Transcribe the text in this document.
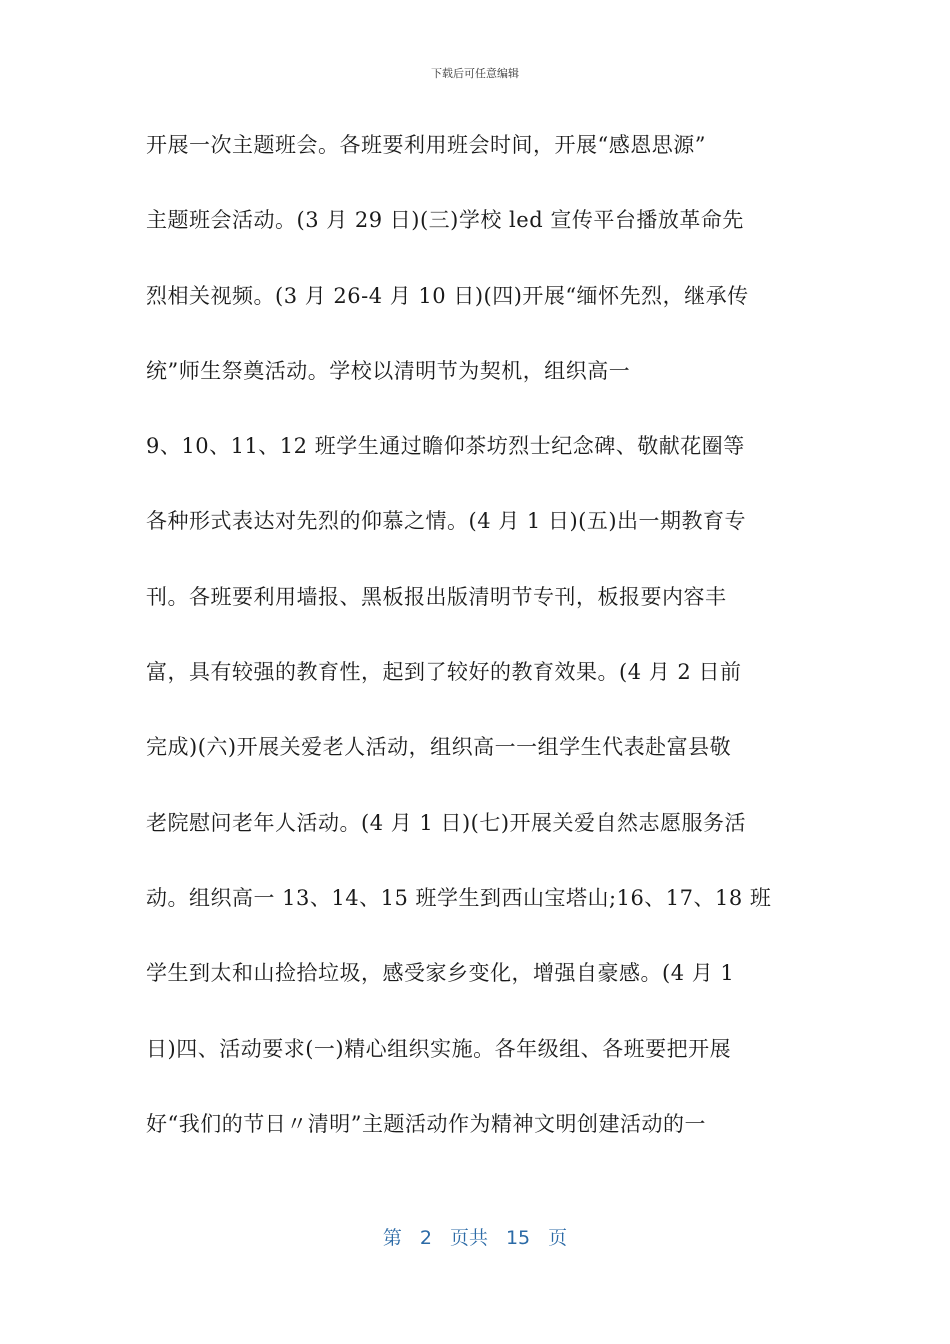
下载后可任意编辑
开展一次主题班会。各班要利用班会时间，开展“感恩思源”
主题班会活动。(3 月 29 日)(三)学校 led 宣传平台播放革命先
烈相关视频。(3 月 26-4 月 10 日)(四)开展“缅怀先烈，继承传
统”师生祭奠活动。学校以清明节为契机，组织高一
9、10、11、12 班学生通过瞻仰茶坊烈士纪念碑、敬献花圈等
各种形式表达对先烈的仰慕之情。(4 月 1 日)(五)出一期教育专
刊。各班要利用墙报、黑板报出版清明节专刊，板报要内容丰
富，具有较强的教育性，起到了较好的教育效果。(4 月 2 日前
完成)(六)开展关爱老人活动，组织高一一组学生代表赴富县敬
老院慰问老年人活动。(4 月 1 日)(七)开展关爱自然志愿服务活
动。组织高一 13、14、15 班学生到西山宝塔山;16、17、18 班
学生到太和山捡拾垃圾，感受家乡变化，增强自豪感。(4 月 1
日)四、活动要求(一)精心组织实施。各年级组、各班要把开展
好“我们的节日〃清明”主题活动作为精神文明创建活动的一
第 2 页共 15 页
